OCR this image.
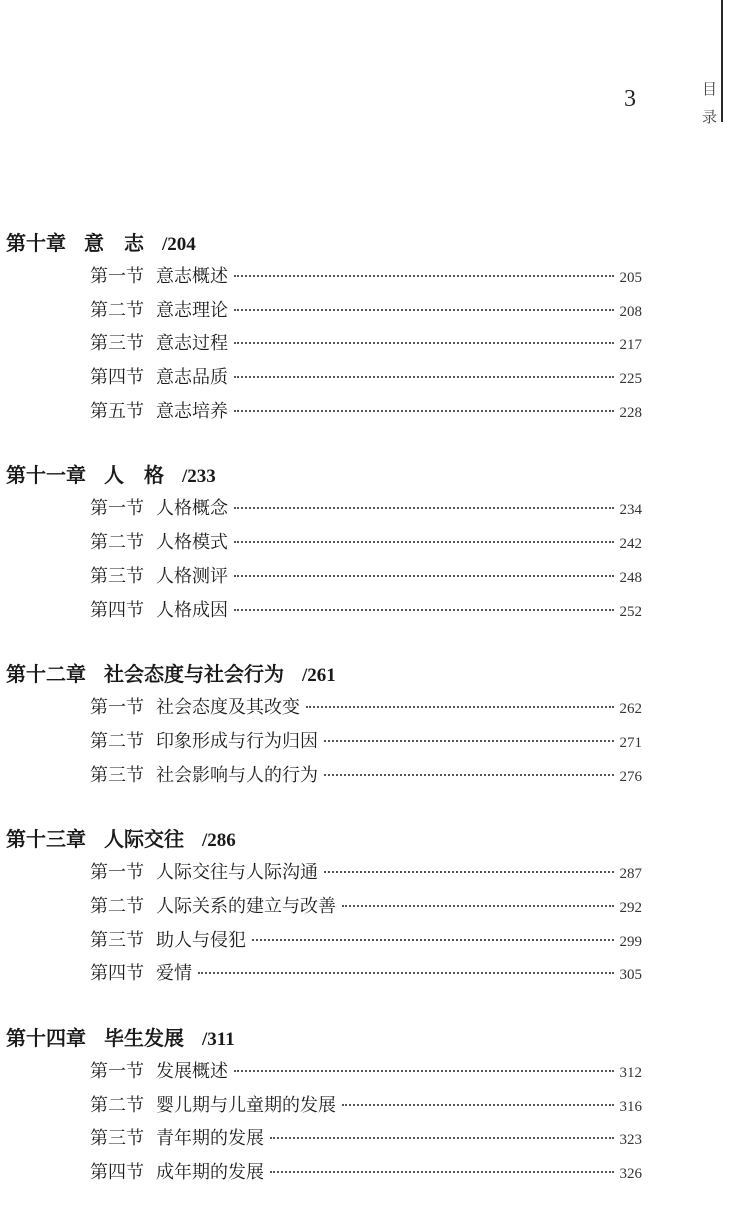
目
录
3
第十章 意　志 /204
第一节 意志概述	205
第二节 意志理论	208
第三节 意志过程	217
第四节 意志品质	225
第五节 意志培养	228
第十一章 人　格 /233
第一节 人格概念	234
第二节 人格模式	242
第三节 人格测评	248
第四节 人格成因	252
第十二章 社会态度与社会行为 /261
第一节 社会态度及其改变	262
第二节 印象形成与行为归因	271
第三节 社会影响与人的行为	276
第十三章 人际交往 /286
第一节 人际交往与人际沟通	287
第二节 人际关系的建立与改善	292
第三节 助人与侵犯	299
第四节 爱情	305
第十四章 毕生发展 /311
第一节 发展概述	312
第二节 婴儿期与儿童期的发展	316
第三节 青年期的发展	323
第四节 成年期的发展	326
